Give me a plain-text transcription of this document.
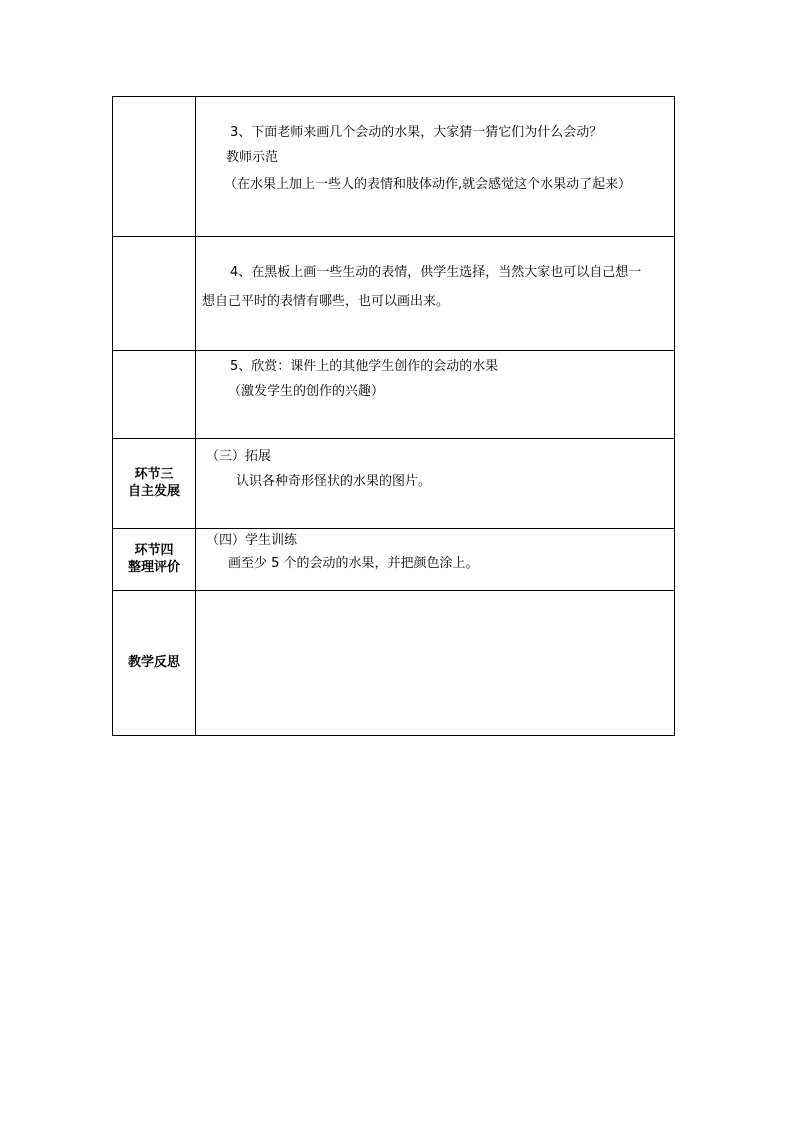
	3、下面老师来画几个会动的水果，大家猜一猜它们为什么会动？
教师示范
（在水果上加上一些人的表情和肢体动作,就会感觉这个水果动了起来）

	4、在黑板上画一些生动的表情，供学生选择，当然大家也可以自己想一
想自己平时的表情有哪些，也可以画出来。

	5、欣赏：课件上的其他学生创作的会动的水果
（激发学生的创作的兴趣）

环节三
自主发展	（三）拓展
认识各种奇形怪状的水果的图片。

环节四
整理评价	（四）学生训练
画至少 5 个的会动的水果，并把颜色涂上。

教学反思	
